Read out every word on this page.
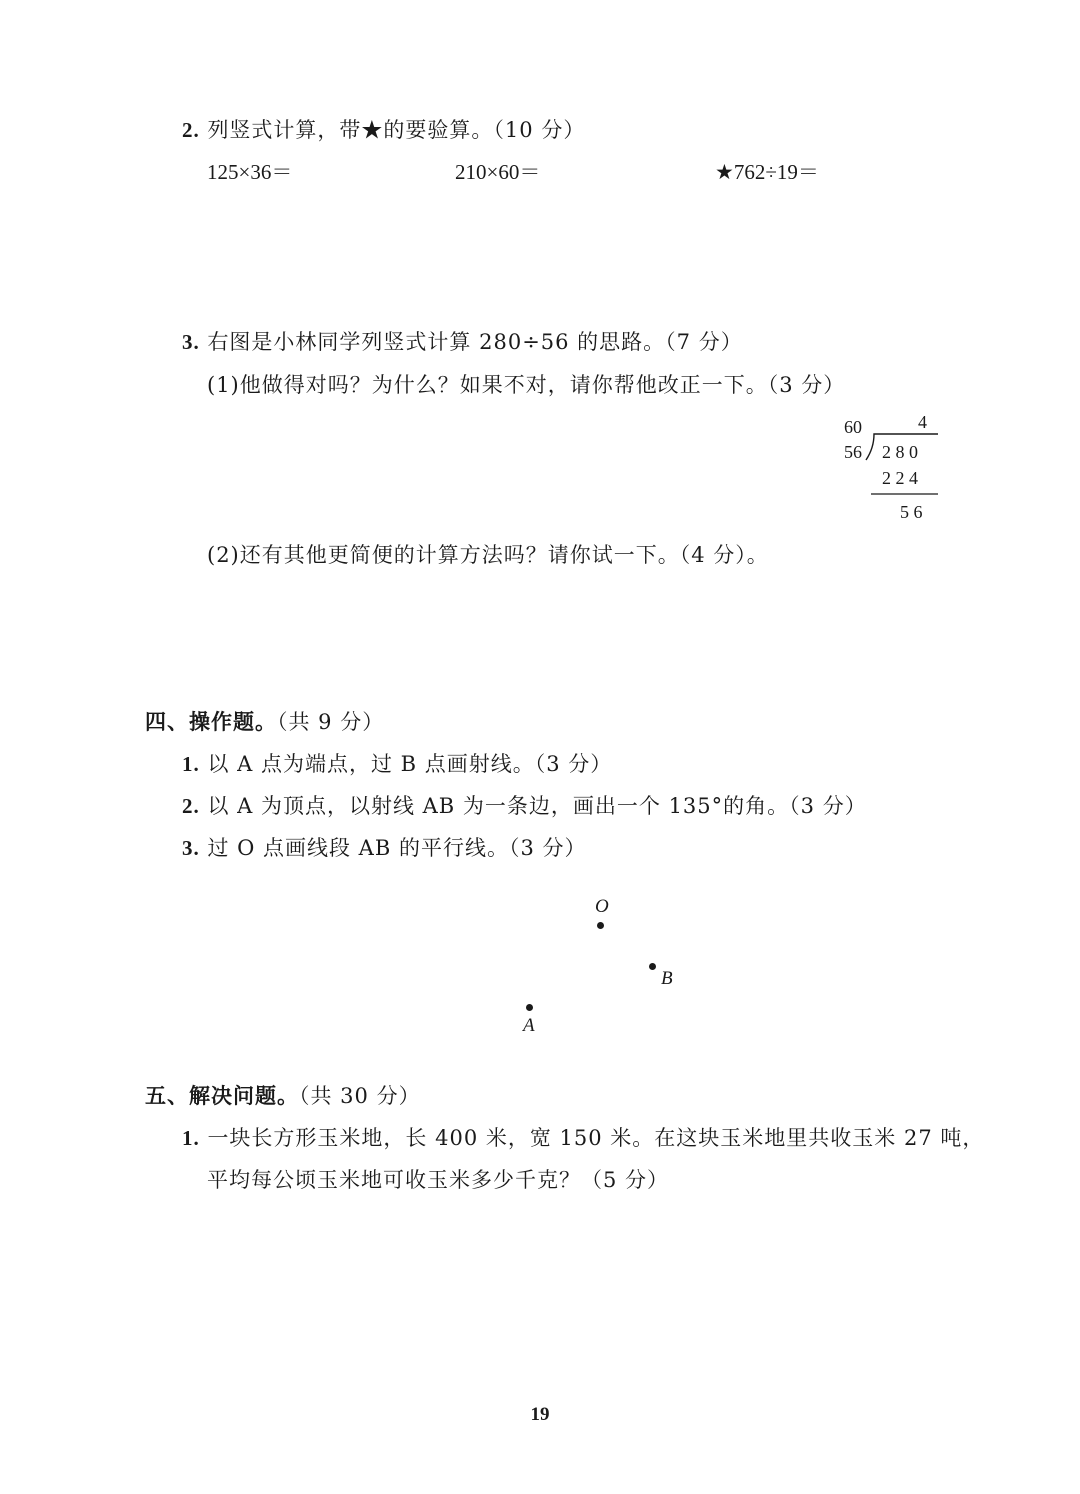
2. 列竖式计算，带★的要验算。（10 分）
125×36＝	210×60＝	★762÷19＝
3. 右图是小林同学列竖式计算 280÷56 的思路。（7 分）
(1)他做得对吗？为什么？如果不对，请你帮他改正一下。（3 分）
4
60
56 2 8 0
2 2 4
5 6
(2)还有其他更简便的计算方法吗？请你试一下。（4 分）。
四、操作题。（共 9 分）
1. 以 A 点为端点，过 B 点画射线。（3 分）
2. 以 A 为顶点，以射线 AB 为一条边，画出一个 135°的角。（3 分）
3. 过 O 点画线段 AB 的平行线。（3 分）
O
B
A
五、解决问题。（共 30 分）
1. 一块长方形玉米地，长 400 米，宽 150 米。在这块玉米地里共收玉米 27 吨，
平均每公顷玉米地可收玉米多少千克？（5 分）
19
